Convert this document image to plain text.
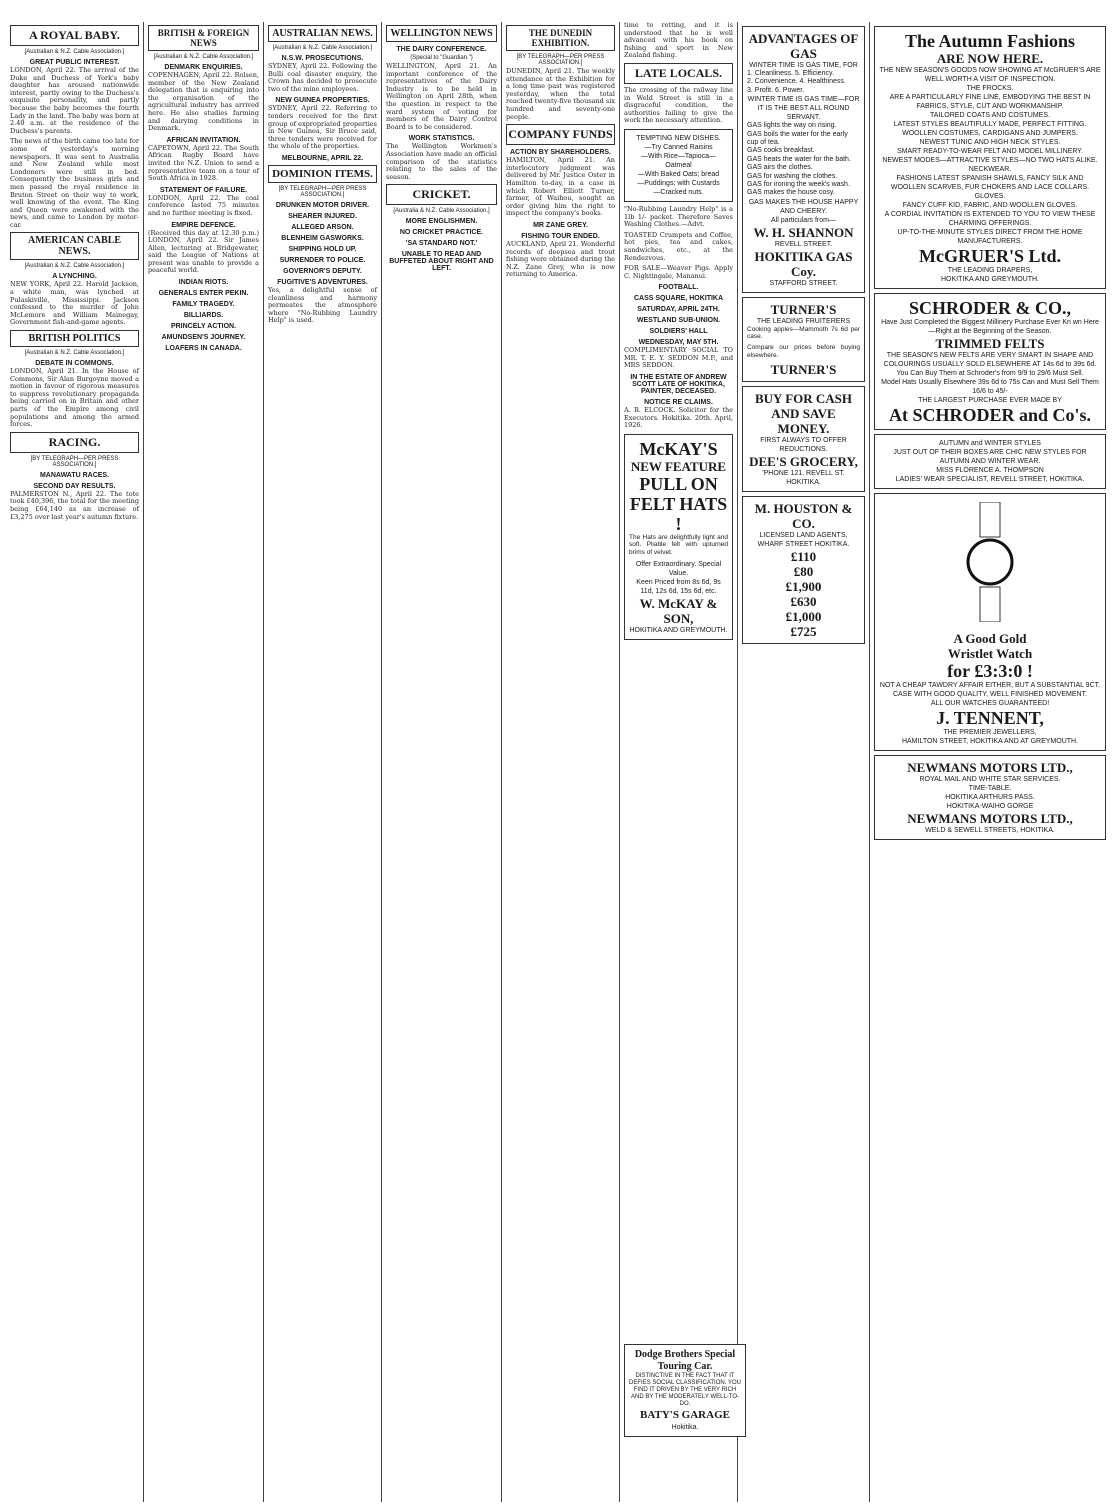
A ROYAL BABY.
[Australian & N.Z. Cable Association.]
GREAT PUBLIC INTEREST.

LONDON, April 22. The arrival of the Duke and Duchess of York's baby daughter has aroused nationwide interest, partly owing to the Duchess's exquisite personality, and partly because the baby becomes the fourth Lady in the land. The baby was born at 2.40 a.m. at the residence of the Duchess's parents.

The news of the birth came too late for some of yesterday's morning newspapers. It was sent to Australia and New Zealand while most Londoners were still in bed. Consequently the business girls and men passed the royal residence in Bruton Street on their way to work, well knowing of the event. The King and Queen were awakened with the news, and came to London by motor-car.

AMERICAN CABLE NEWS.
[Australian & N.Z. Cable Association.]
A LYNCHING.

NEW YORK, April 22. Harold Jackson, a white man, was lynched at Pulaskiville, Mississippi. Jackson confessed to the murder of John McLemore and William Mainegay, Government fish-and-game agents.

BRITISH POLITICS
[Australian & N.Z. Cable Association.]
DEBATE IN COMMONS.

LONDON, April 21. In the House of Commons, Sir Alan Burgoyne moved a motion in favour of rigorous measures to suppress revolutionary propaganda being carried on in Britain and other parts of the Empire among civil populations and among the armed forces.

RACING.
[BY TELEGRAPH—PER PRESS ASSOCIATION.]
MANAWATU RACES.
SECOND DAY RESULTS.

PALMERSTON N., April 22. The tote took £40,396, the total for the meeting being £64,140 as an increase of £3,275 over last year's autumn fixture.

BRITISH & FOREIGN NEWS
[Australian & N.Z. Cable Association.]
DENMARK ENQUIRIES.

COPENHAGEN, April 22. Rolsen, member of the New Zealand delegation that is enquiring into the organisation of the agricultural industry has arrived here. He also studies farming and dairying conditions in Denmark.

AFRICAN INVITATION.

CAPETOWN, April 22. The South African Rugby Board have invited the N.Z. Union to send a representative team on a tour of South Africa in 1928.

STATEMENT OF FAILURE.

LONDON, April 22. The coal conference lasted 75 minutes and no further meeting is fixed.

EMPIRE DEFENCE.

(Received this day at 12.30 p.m.) LONDON, April 22. Sir James Allen, lecturing at Bridgewater, said the League of Nations at present was unable to provide a peaceful world.

INDIAN RIOTS.
GENERALS ENTER PEKIN.
FAMILY TRAGEDY.
BILLIARDS.
PRINCELY ACTION.
AMUNDSEN'S JOURNEY.
LOAFERS IN CANADA.
AUSTRALIAN NEWS.
[Australian & N.Z. Cable Association.]
N.S.W. PROSECUTIONS.

SYDNEY, April 22. Following the Bulli coal disaster enquiry, the Crown has decided to prosecute two of the mine employees.

NEW GUINEA PROPERTIES.

SYDNEY, April 22. Referring to tenders received for the first group of expropriated properties in New Guinea, Sir Bruce said, three tenders were received for the whole of the properties.

MELBOURNE, APRIL 22.
DOMINION ITEMS.
[BY TELEGRAPH—PER PRESS ASSOCIATION.]
DRUNKEN MOTOR DRIVER.
SHEARER INJURED.
ALLEGED ARSON.
BLENHEIM GASWORKS.
SHIPPING HOLD UP.
SURRENDER TO POLICE.
GOVERNOR'S DEPUTY.
FUGITIVE'S ADVENTURES.

Yes, a delightful sense of cleanliness and harmony permeates the atmosphere where "No-Rubbing Laundry Help" is used.

WELLINGTON NEWS
THE DAIRY CONFERENCE.
(Special to "Guardian.")

WELLINGTON, April 21. An important conference of the representatives of the Dairy Industry is to be held in Wellington on April 28th, when the question in respect to the ward system of voting for members of the Dairy Control Board is to be considered.

WORK STATISTICS.

The Wellington Workmen's Association have made an official comparison of the statistics relating to the sales of the season.

CRICKET.
[Australia & N.Z. Cable Association.]
MORE ENGLISHMEN.
NO CRICKET PRACTICE.
'SA STANDARD NOT.'
UNABLE TO READ AND BUFFETED ABOUT RIGHT AND LEFT.
THE DUNEDIN EXHIBITION.
[BY TELEGRAPH—PER PRESS ASSOCIATION.]

DUNEDIN, April 21. The weekly attendance at the Exhibition for a long time past was registered yesterday, when the total reached twenty-five thousand six hundred and seventy-one people.

COMPANY FUNDS
ACTION BY SHAREHOLDERS.

HAMILTON, April 21. An interlocutory judgment was delivered by Mr. Justice Oster in Hamilton to-day, in a case in which Robert Elliott Turner, farmer, of Waihou, sought an order giving him the right to inspect the company's books.

MR ZANE GREY.
FISHING TOUR ENDED.

AUCKLAND, April 21. Wonderful records of deepsea and trout fishing were obtained during the N.Z. Zane Grey, who is now returning to America.

time to retting, and it is understood that he is well advanced with his book on fishing and sport in New Zealand fishing.

LATE LOCALS.

The crossing of the railway line in Weld Street is still in a disgraceful condition, the authorities failing to give the work the necessary attention.

TEMPTING NEW DISHES.
—Try Canned Raisins
—With Rice—Tapioca—Oatmeal
—With Baked Oats; bread
—Puddings; with Custards
—Cracked nuts.

"No-Rubbing Laundry Help" is a 1lb 1/- packet. Therefore Saves Washing Clothes.—Advt.

TOASTED Crumpets and Coffee, hot pies, tea and cakes, sandwiches, etc., at the Rendezvous.

FOR SALE—Weaver Pigs. Apply C. Nightingale, Mananui.

FOOTBALL.
CASS SQUARE, HOKITIKA
SATURDAY, APRIL 24TH.
WESTLAND SUB-UNION.
SOLDIERS' HALL
WEDNESDAY, MAY 5TH.

COMPLIMENTARY SOCIAL TO MR. T. E. Y. SEDDON M.P., and MRS SEDDON.

IN THE ESTATE OF ANDREW SCOTT LATE OF HOKITIKA, PAINTER, DECEASED.
NOTICE RE CLAIMS.

A. R. ELCOCK. Solicitor for the Executors. Hokitika. 20th. April, 1926.

McKAY'S
NEW FEATURE
PULL ON FELT HATS !

The Hats are delightfully light and soft. Pliable felt with upturned brims of velvet.

Offer Extraordinary. Special Value.
Keen Priced from 8s 6d, 9s 11d, 12s 6d, 15s 6d, etc.
W. McKAY & SON,
HOKITIKA AND GREYMOUTH.
ADVANTAGES OF GAS
WINTER TIME IS GAS TIME, FOR
1. Cleanliness. 5. Efficiency.
2. Convenience. 4. Healthiness.
3. Profit. 6. Power.
WINTER TIME IS GAS TIME—FOR IT IS THE BEST ALL ROUND SERVANT.
GAS lights the way on rising.
GAS boils the water for the early cup of tea.
GAS cooks breakfast.
GAS heats the water for the bath.
GAS airs the clothes.
GAS for washing the clothes.
GAS for ironing the week's wash.
GAS makes the house cosy.
GAS MAKES THE HOUSE HAPPY AND CHEERY.
All particulars from—
W. H. SHANNON
REVELL STREET.
HOKITIKA GAS Coy.
STAFFORD STREET.
TURNER'S
THE LEADING FRUITERERS

Cooking apples—Mammoth 7s 6d per case.

Compare our prices before buying elsewhere.

TURNER'S
BUY FOR CASH AND SAVE MONEY.
FIRST ALWAYS TO OFFER REDUCTIONS.
DEE'S GROCERY,
'PHONE 121. REVELL ST. HOKITIKA.
M. HOUSTON & CO.
LICENSED LAND AGENTS,
WHARF STREET HOKITIKA.
£110
£80
£1,900
£630
£1,000
£725
The Autumn Fashions
ARE NOW HERE.
THE NEW SEASON'S GOODS NOW SHOWING AT McGRUER'S ARE WELL WORTH A VISIT OF INSPECTION.
THE FROCKS.
ARE A PARTICULARLY FINE LINE, EMBODYING THE BEST IN FABRICS, STYLE, CUT AND WORKMANSHIP.
TAILORED COATS AND COSTUMES.
LATEST STYLES BEAUTIFULLY MADE, PERFECT FITTING.
WOOLLEN COSTUMES, CARDIGANS AND JUMPERS.
NEWEST TUNIC AND HIGH NECK STYLES.
SMART READY-TO-WEAR FELT AND MODEL MILLINERY.
NEWEST MODES—ATTRACTIVE STYLES—NO TWO HATS ALIKE.
NECKWEAR.
FASHIONS LATEST SPANISH SHAWLS, FANCY SILK AND WOOLLEN SCARVES, FUR CHOKERS AND LACE COLLARS.
GLOVES.
FANCY CUFF KID, FABRIC, AND WOOLLEN GLOVES.
A CORDIAL INVITATION IS EXTENDED TO YOU TO VIEW THESE CHARMING OFFERINGS.
UP-TO-THE-MINUTE STYLES DIRECT FROM THE HOME MANUFACTURERS.
McGRUER'S Ltd.
THE LEADING DRAPERS,
HOKITIKA AND GREYMOUTH.
SCHRODER & CO.,
Have Just Completed the Biggest Millinery Purchase Ever Kn wn Here—Right at the Beginning of the Season.
TRIMMED FELTS
THE SEASON'S NEW FELTS ARE VERY SMART IN SHAPE AND COLOURINGS USUALLY SOLD ELSEWHERE AT 14s 6d to 39s 6d.
You Can Buy Them at Schroder's from 9/9 to 29/6 Must Sell.
Model Hats Usually Elsewhere 39s 6d to 75s Can and Must Sell Them 16/6 to 45/-
THE LARGEST PURCHASE EVER MADE BY
At SCHRODER and Co's.
AUTUMN and WINTER STYLES
JUST OUT OF THEIR BOXES ARE CHIC NEW STYLES FOR AUTUMN AND WINTER WEAR.
MISS FLORENCE A. THOMPSON
LADIES' WEAR SPECIALIST, REVELL STREET, HOKITIKA.
A Good Gold
Wristlet Watch
for £3:3:0 !
NOT A CHEAP TAWDRY AFFAIR EITHER, BUT A SUBSTANTIAL 9CT. CASE WITH GOOD QUALITY, WELL FINISHED MOVEMENT.
ALL OUR WATCHES GUARANTEED!
J. TENNENT,
THE PREMIER JEWELLERS,
HAMILTON STREET, HOKITIKA AND AT GREYMOUTH.
NEWMANS MOTORS LTD.,
ROYAL MAIL AND WHITE STAR SERVICES.
TIME-TABLE.
HOKITIKA ARTHURS PASS.
HOKITIKA-WAIHO GORGE
NEWMANS MOTORS LTD.,
WELD & SEWELL STREETS, HOKITIKA.
Dodge Brothers Special Touring Car.
DISTINCTIVE IN THE FACT THAT IT DEFIES SOCIAL CLASSIFICATION. YOU FIND IT DRIVEN BY THE VERY RICH AND BY THE MODERATELY WELL-TO-DO.
BATY'S GARAGE
Hokitika.
